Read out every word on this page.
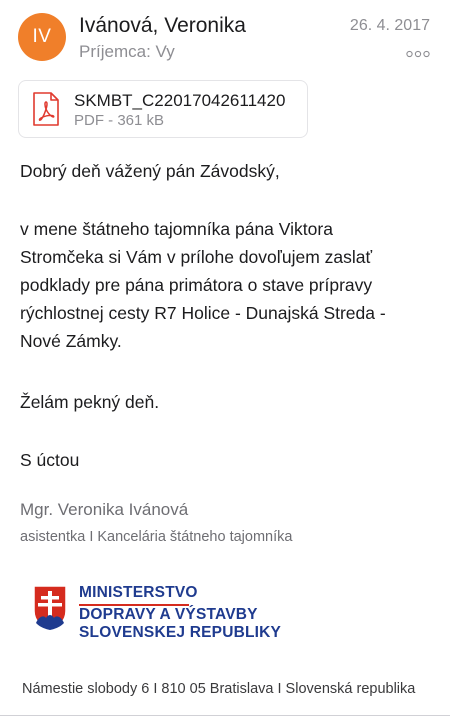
IV	Ivánová, Veronika
Príjemca: Vy
26. 4. 2017
SKMBT_C22017042611420
PDF - 361 kB

Dobrý deň vážený pán Závodský,

v mene štátneho tajomníka pána Viktora
Stromčeka si Vám v prílohe dovoľujem zaslať
podklady pre pána primátora o stave prípravy
rýchlostnej cesty R7 Holice - Dunajská Streda -
Nové Zámky.

Želám pekný deň.

S úctou

Mgr. Veronika Ivánová
asistentka I Kancelária štátneho tajomníka
MINISTERSTVO
DOPRAVY A VÝSTAVBY
SLOVENSKEJ REPUBLIKY
Námestie slobody 6 I 810 05 Bratislava I Slovenská republika
